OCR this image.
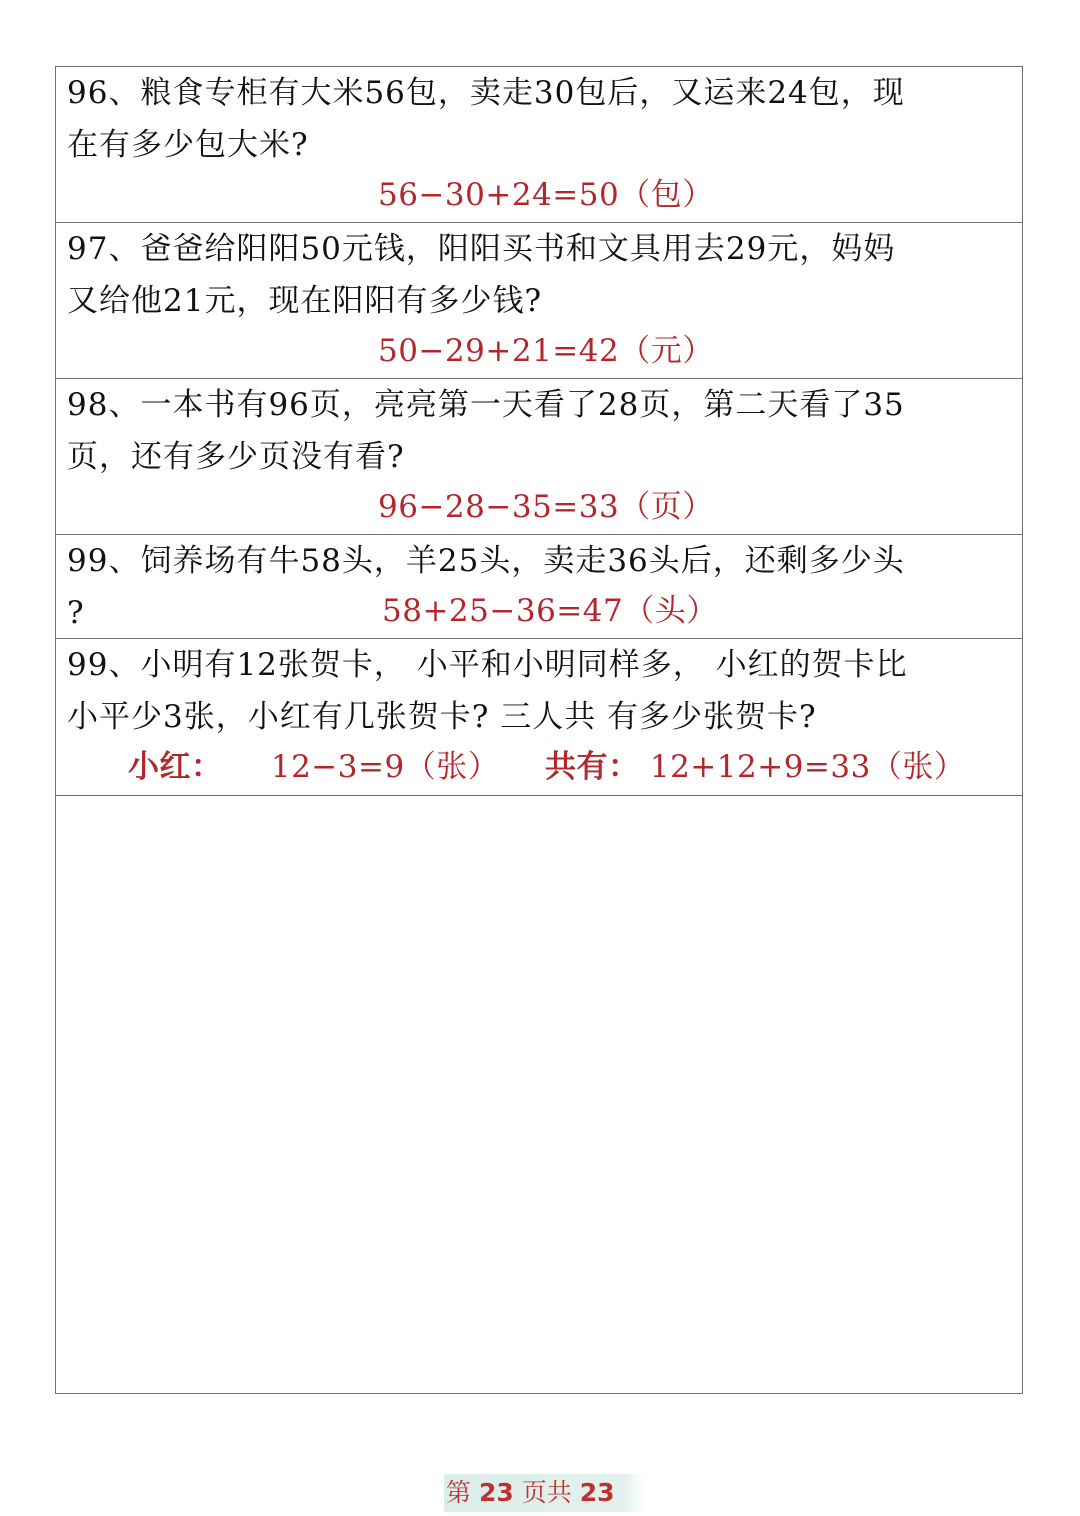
96、粮食专柜有大米56包，卖走30包后，又运来24包，现
在有多少包大米?
56−30+24=50（包）
97、爸爸给阳阳50元钱，阳阳买书和文具用去29元，妈妈
又给他21元，现在阳阳有多少钱?
50−29+21=42（元）
98、一本书有96页，亮亮第一天看了28页，第二天看了35
页，还有多少页没有看?
96−28−35=33（页）
99、饲养场有牛58头，羊25头，卖走36头后，还剩多少头
?	58+25−36=47（头）
99、小明有12张贺卡， 小平和小明同样多， 小红的贺卡比
小平少3张，小红有几张贺卡? 三人共 有多少张贺卡?
小红： 12−3=9（张） 共有： 12+12+9=33（张）
第 23 页共 23
